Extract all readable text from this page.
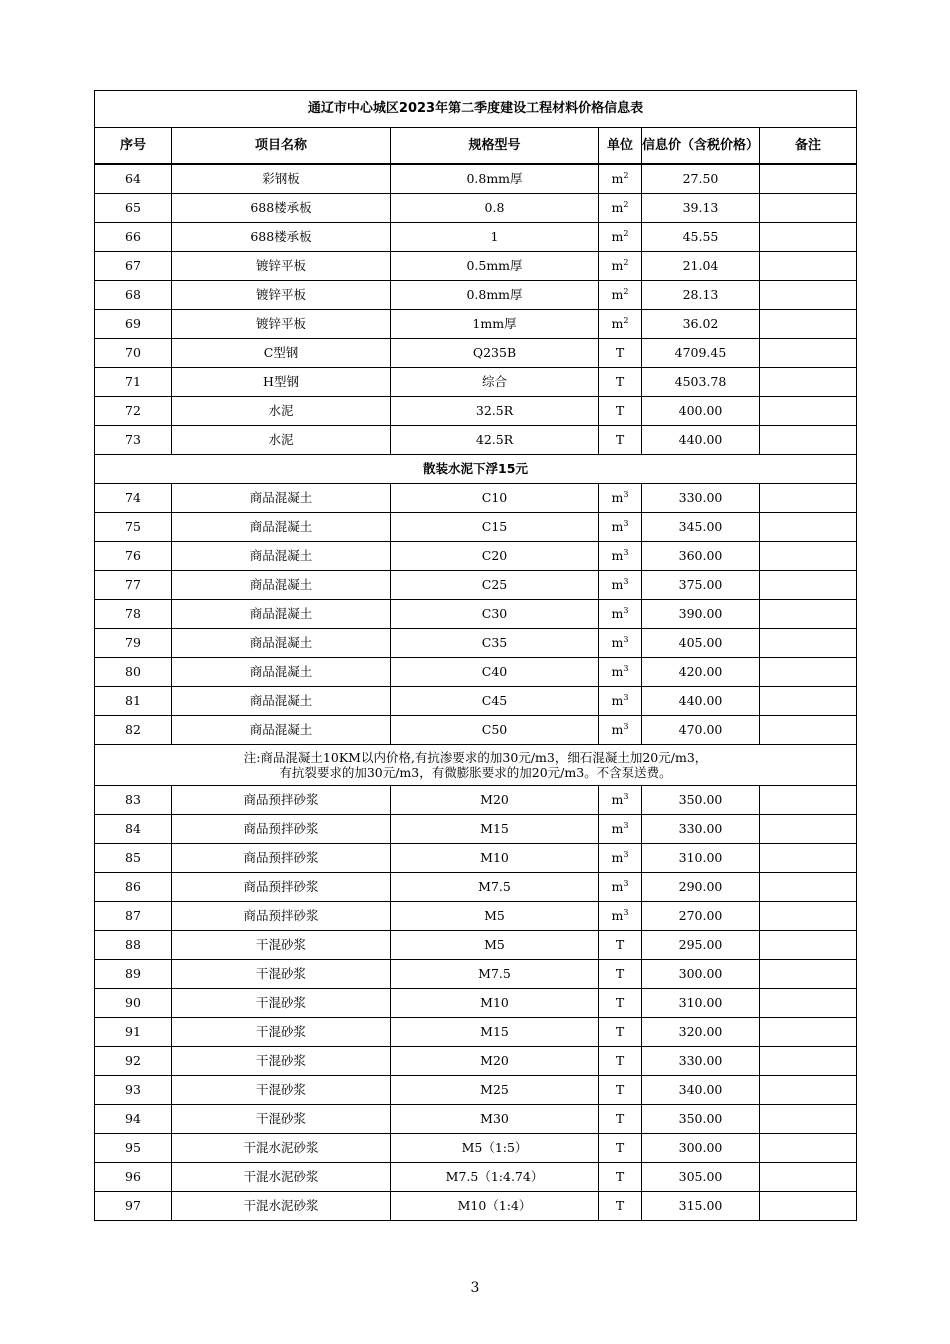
通辽市中心城区2023年第二季度建设工程材料价格信息表					
序号	项目名称	规格型号	单位	信息价（含税价格）	备注
64	彩钢板	0.8mm厚	$m^2$	27.50	
65	688楼承板	0.8	$m^2$	39.13	
66	688楼承板	1	$m^2$	45.55	
67	镀锌平板	0.5mm厚	$m^2$	21.04	
68	镀锌平板	0.8mm厚	$m^2$	28.13	
69	镀锌平板	1mm厚	$m^2$	36.02	
70	C型钢	Q235B	T	4709.45	
71	H型钢	综合	T	4503.78	
72	水泥	32.5R	T	400.00	
73	水泥	42.5R	T	440.00	

散装水泥下浮15元					

74	商品混凝土	C10	$m^3$	330.00	
75	商品混凝土	C15	$m^3$	345.00	
76	商品混凝土	C20	$m^3$	360.00	
77	商品混凝土	C25	$m^3$	375.00	
78	商品混凝土	C30	$m^3$	390.00	
79	商品混凝土	C35	$m^3$	405.00	
80	商品混凝土	C40	$m^3$	420.00	
81	商品混凝土	C45	$m^3$	440.00	
82	商品混凝土	C50	$m^3$	470.00	

注:商品混凝土10KM以内价格,有抗渗要求的加30元/m3，细石混凝土加20元/m3，
有抗裂要求的加30元/m3，有微膨胀要求的加20元/m3。不含泵送费。					

83	商品预拌砂浆	M20	$m^3$	350.00	
84	商品预拌砂浆	M15	$m^3$	330.00	
85	商品预拌砂浆	M10	$m^3$	310.00	
86	商品预拌砂浆	M7.5	$m^3$	290.00	
87	商品预拌砂浆	M5	$m^3$	270.00	
88	干混砂浆	M5	T	295.00	
89	干混砂浆	M7.5	T	300.00	
90	干混砂浆	M10	T	310.00	
91	干混砂浆	M15	T	320.00	
92	干混砂浆	M20	T	330.00	
93	干混砂浆	M25	T	340.00	
94	干混砂浆	M30	T	350.00	
95	干混水泥砂浆	M5（1:5）	T	300.00	
96	干混水泥砂浆	M7.5（1:4.74）	T	305.00	
97	干混水泥砂浆	M10（1:4）	T	315.00	
3
